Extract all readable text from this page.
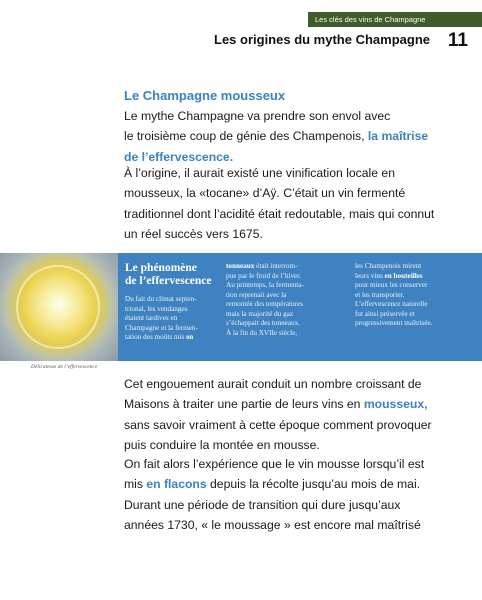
Les clés des vins de Champagne
Les origines du mythe Champagne 11
Le Champagne mousseux
Le mythe Champagne va prendre son envol avec
le troisième coup de génie des Champenois, la maîtrise
de l’effervescence.
À l’origine, il aurait existé une vinification locale en
mousseux, la «tocane» d’Aÿ. C’était un vin fermenté
traditionnel dont l’acidité était redoutable, mais qui connut
un réel succès vers 1675.
Délicatesse de l’effervescence
Le phénomène
de l’effervescence
Du fait du climat septen-
trional, les vendanges
étaient tardives en
Champagne et la fermen-
tation des moûts mis en
tonneaux était interrom-
pue par le froid de l’hiver.
Au printemps, la fermenta-
tion reprenait avec la
remontée des températures
mais la majorité du gaz
s’échappait des tonneaux.
À la fin du XVIIe siècle,
les Champenois mirent
leurs vins en bouteilles
pour mieux les conserver
et les transporter.
L’effervescence naturelle
fut ainsi préservée et
progressivement maîtrisée.
Cet engouement aurait conduit un nombre croissant de
Maisons à traiter une partie de leurs vins en mousseux,
sans savoir vraiment à cette époque comment provoquer
puis conduire la montée en mousse.
On fait alors l’expérience que le vin mousse lorsqu’il est
mis en flacons depuis la récolte jusqu’au mois de mai.
Durant une période de transition qui dure jusqu’aux
années 1730, « le moussage » est encore mal maîtrisé
